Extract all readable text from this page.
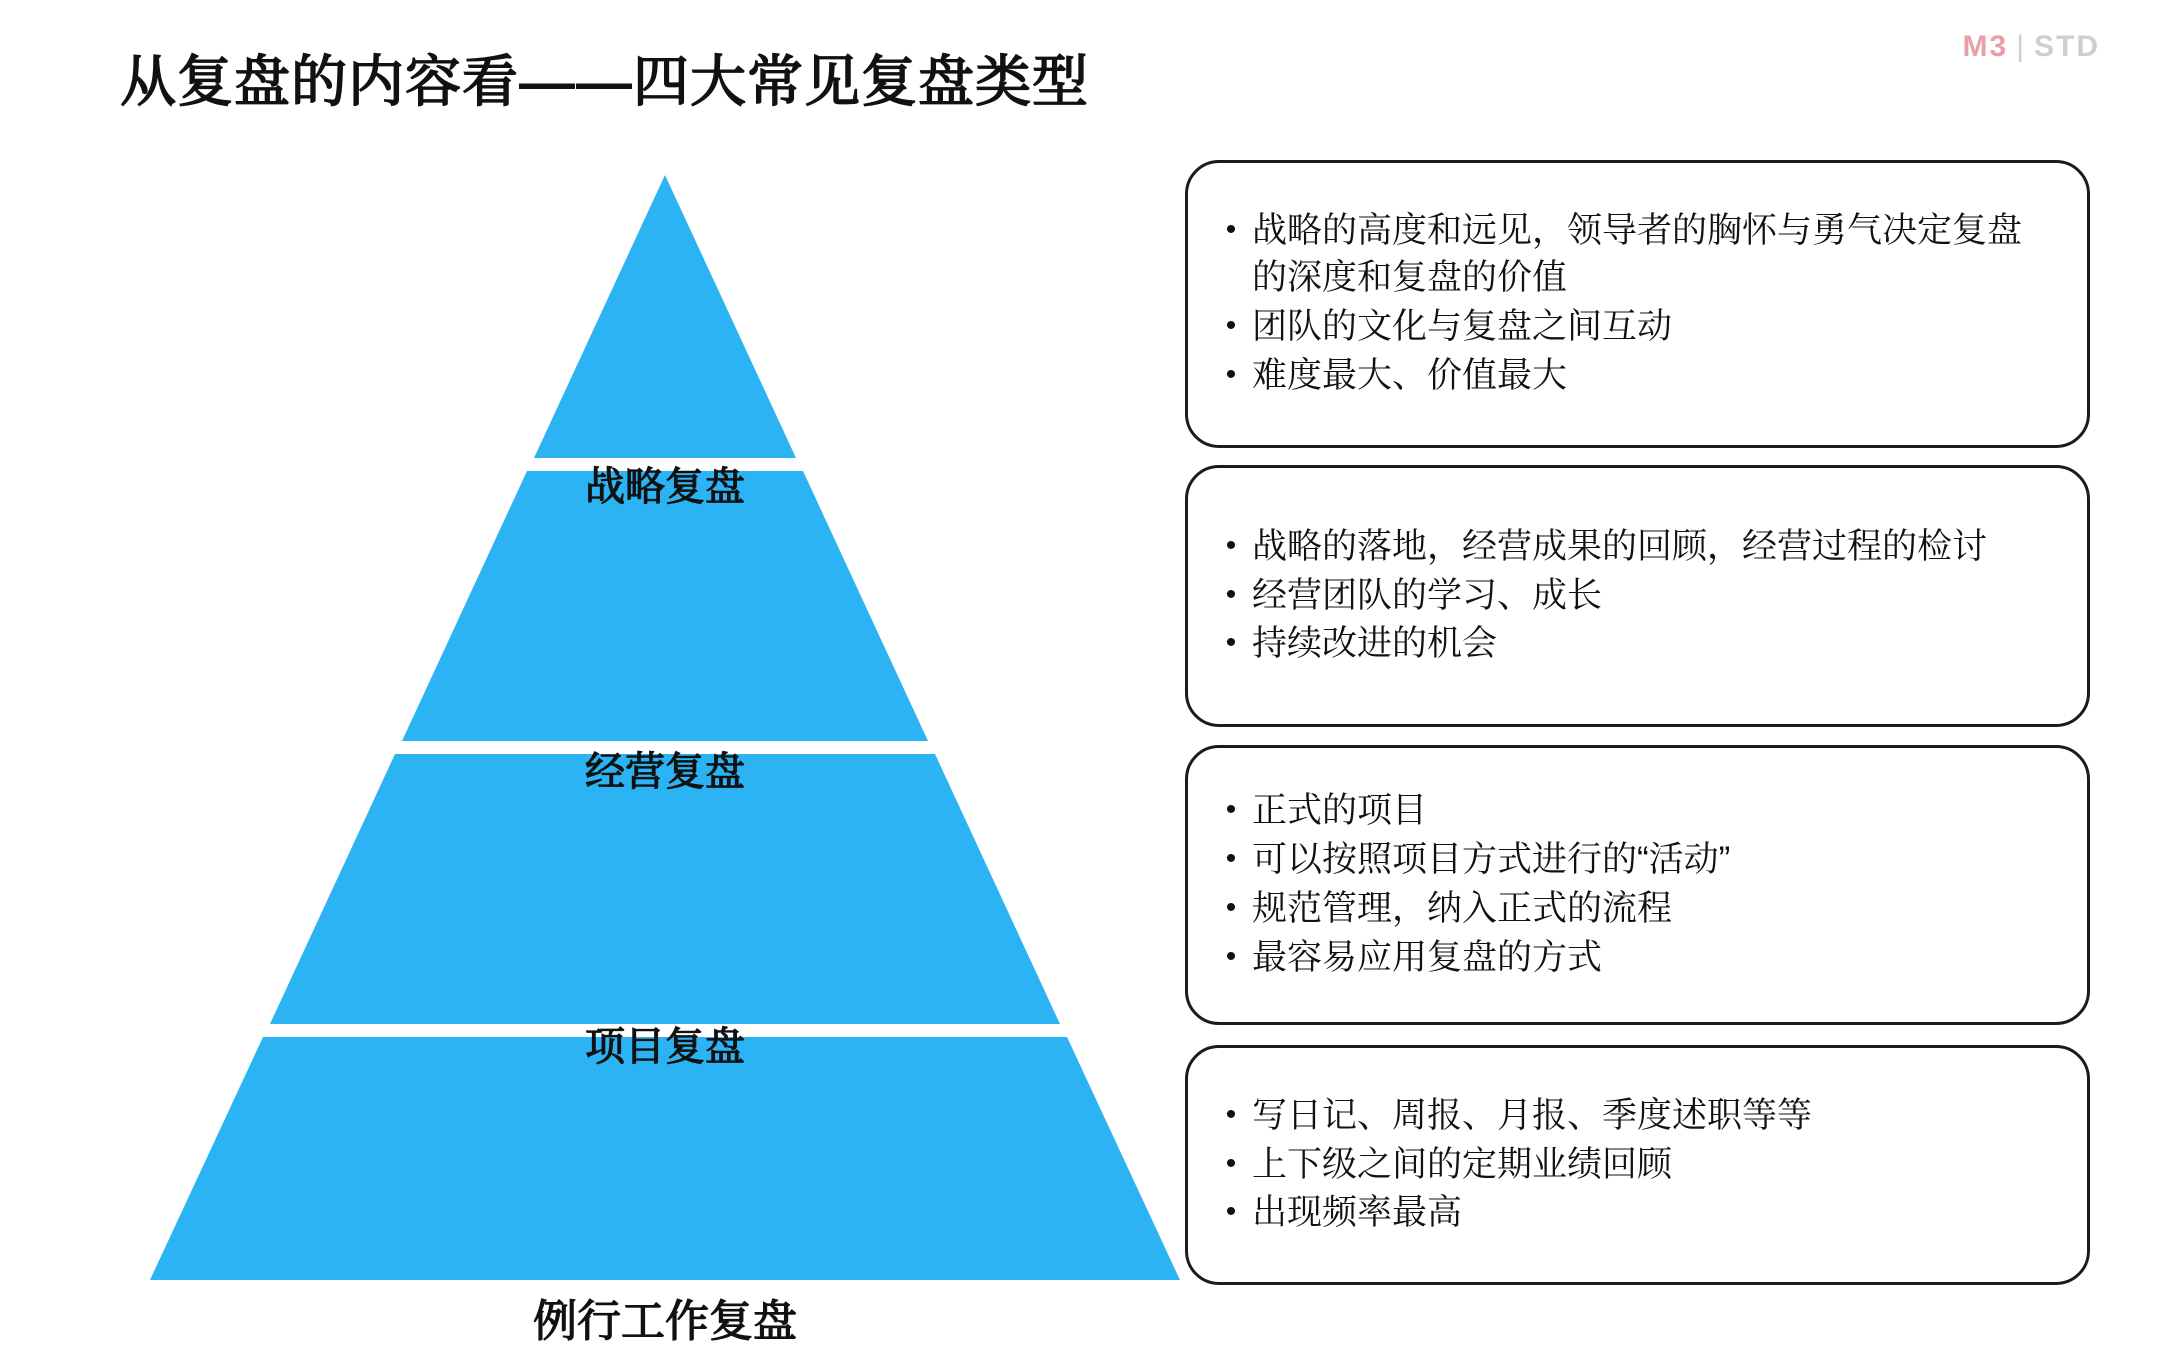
从复盘的内容看——四大常见复盘类型
M3 | STD
战略复盘
经营复盘
项目复盘
例行工作复盘
• 战略的高度和远见，领导者的胸怀与勇气决定复盘的深度和复盘的价值
• 团队的文化与复盘之间互动
• 难度最大、价值最大
• 战略的落地，经营成果的回顾，经营过程的检讨
• 经营团队的学习、成长
• 持续改进的机会
• 正式的项目
• 可以按照项目方式进行的“活动”
• 规范管理，纳入正式的流程
• 最容易应用复盘的方式
• 写日记、周报、月报、季度述职等等
• 上下级之间的定期业绩回顾
• 出现频率最高
